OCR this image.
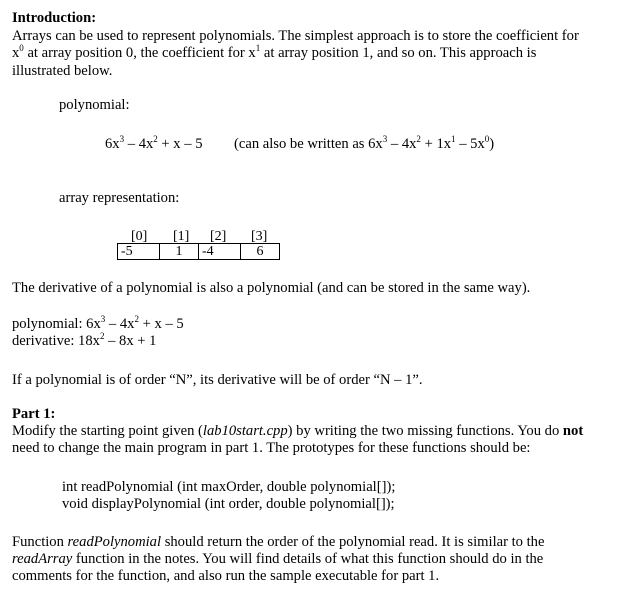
Introduction:
Arrays can be used to represent polynomials. The simplest approach is to store the coefficient for
$x^0$ at array position 0, the coefficient for $x^1$ at array position 1, and so on. This approach is
illustrated below.
polynomial:
$6x^3 - 4x^2 + x - 5$ (can also be written as $6x^3 - 4x^2 + 1x^1 - 5x^0$)
array representation:
[0] [1] [2] [3]
-5	1	-4	6
The derivative of a polynomial is also a polynomial (and can be stored in the same way).
polynomial: $6x^3 - 4x^2 + x - 5$
derivative: $18x^2 - 8x + 1$
If a polynomial is of order “N”, its derivative will be of order “N – 1”.
Part 1:
Modify the starting point given (lab10start.cpp) by writing the two missing functions. You do not
need to change the main program in part 1. The prototypes for these functions should be:
int readPolynomial (int maxOrder, double polynomial[]);
void displayPolynomial (int order, double polynomial[]);
Function readPolynomial should return the order of the polynomial read. It is similar to the
readArray function in the notes. You will find details of what this function should do in the
comments for the function, and also run the sample executable for part 1.
